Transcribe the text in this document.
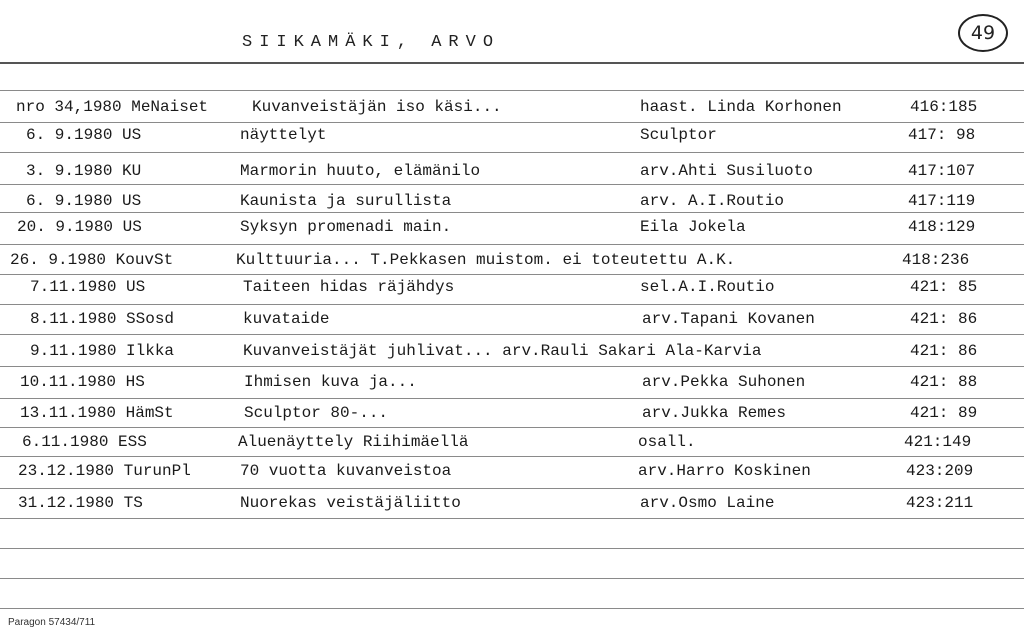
SIIKAMÄKI, ARVO	49
nro 34,1980 MeNaiset	Kuvanveistäjän iso käsi...	haast. Linda Korhonen	416:185
6. 9.1980 US	näyttelyt	Sculptor	417: 98
3. 9.1980 KU	Marmorin huuto, elämänilo	arv.Ahti Susiluoto	417:107
6. 9.1980 US	Kaunista ja surullista	arv. A.I.Routio	417:119
20. 9.1980 US	Syksyn promenadi main.	Eila Jokela	418:129
26. 9.1980 KouvSt	Kulttuuria... T.Pekkasen muistom. ei toteutettu A.K.	418:236
7.11.1980 US	Taiteen hidas räjähdys	sel.A.I.Routio	421: 85
8.11.1980 SSosd	kuvataide	arv.Tapani Kovanen	421: 86
9.11.1980 Ilkka	Kuvanveistäjät juhlivat... arv.Rauli Sakari Ala-Karvia	421: 86
10.11.1980 HS	Ihmisen kuva ja...	arv.Pekka Suhonen	421: 88
13.11.1980 HämSt	Sculptor 80-...	arv.Jukka Remes	421: 89
6.11.1980 ESS	Aluenäyttely Riihimäellä	osall.	421:149
23.12.1980 TurunPl	70 vuotta kuvanveistoa	arv.Harro Koskinen	423:209
31.12.1980 TS	Nuorekas veistäjäliitto	arv.Osmo Laine	423:211
Paragon 57434/711
